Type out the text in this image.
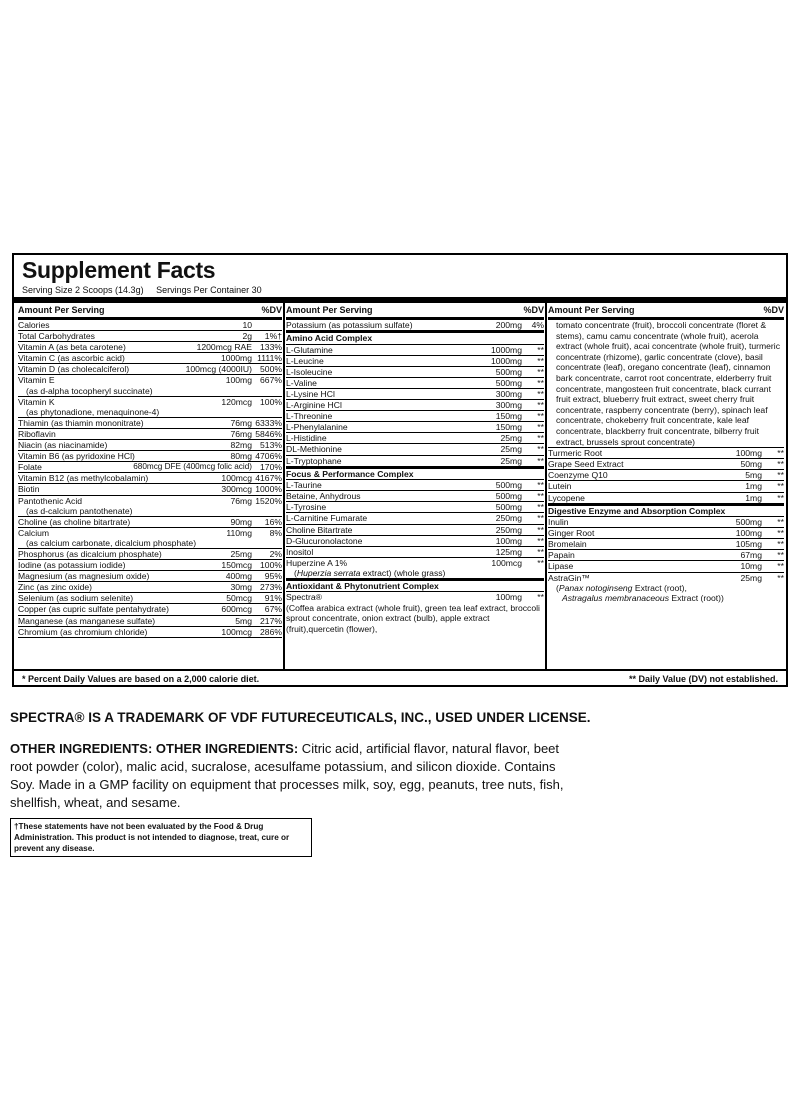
Supplement Facts
Serving Size 2 Scoops (14.3g) Servings Per Container 30
Amount Per Serving	%DV
Calories	10
Total Carbohydrates	2g	1%†
Vitamin A (as beta carotene)	1200mcg RAE 133%
Vitamin C (as ascorbic acid)	1000mg 1111%
Vitamin D (as cholecalciferol)	100mcg (4000IU) 500%
Vitamin E	100mg 667%
(as d-alpha tocopheryl succinate)
Vitamin K	120mcg 100%
(as phytonadione, menaquinone-4)
Thiamin (as thiamin mononitrate)	76mg 6333%
Riboflavin	76mg 5846%
Niacin (as niacinamide)	82mg 513%
Vitamin B6 (as pyridoxine HCl)	80mg 4706%
Folate	680mcg DFE (400mcg folic acid) 170%
Vitamin B12 (as methylcobalamin)	100mcg 4167%
Biotin	300mcg 1000%
Pantothenic Acid	76mg 1520%
(as d-calcium pantothenate)
Choline (as choline bitartrate)	90mg	16%
Calcium	110mg	8%
(as calcium carbonate, dicalcium phosphate)
Phosphorus (as dicalcium phosphate)	25mg	2%
Iodine (as potassium iodide)	150mcg 100%
Magnesium (as magnesium oxide)	400mg	95%
Zinc (as zinc oxide)	30mg 273%
Selenium (as sodium selenite)	50mcg	91%
Copper (as cupric sulfate pentahydrate)	600mcg	67%
Manganese (as manganese sulfate)	5mg 217%
Chromium (as chromium chloride)	100mcg 286%
Amount Per Serving	%DV
Potassium (as potassium sulfate)	200mg	4%
Amino Acid Complex
L-Glutamine	1000mg	**
L-Leucine	1000mg	**
L-Isoleucine	500mg	**
L-Valine	500mg	**
L-Lysine HCl	300mg	**
L-Arginine HCl	300mg	**
L-Threonine	150mg	**
L-Phenylalanine	150mg	**
L-Histidine	25mg	**
DL-Methionine	25mg	**
L-Tryptophane	25mg	**
Focus & Performance Complex
L-Taurine	500mg	**
Betaine, Anhydrous	500mg	**
L-Tyrosine	500mg	**
L-Carnitine Fumarate	250mg	**
Choline Bitartrate	250mg	**
D-Glucuronolactone	100mg	**
Inositol	125mg	**
Huperzine A 1%	100mcg	**
(Huperzia serrata extract) (whole grass)
Antioxidant & Phytonutrient Complex
Spectra®	100mg	**
(Coffea arabica extract (whole fruit), green tea leaf extract, broccoli sprout concentrate, onion extract (bulb), apple extract (fruit),quercetin (flower),
Amount Per Serving	%DV
tomato concentrate (fruit), broccoli concentrate (floret & stems), camu camu concentrate (whole fruit), acerola extract (whole fruit), acai concentrate (whole fruit), turmeric concentrate (rhizome), garlic concentrate (clove), basil concentrate (leaf), oregano concentrate (leaf), cinnamon bark concentrate, carrot root concentrate, elderberry fruit concentrate, mangosteen fruit concentrate, black currant fruit extract, blueberry fruit extract, sweet cherry fruit concentrate, raspberry concentrate (berry), spinach leaf concentrate, chokeberry fruit concentrate, kale leaf concentrate, blackberry fruit concentrate, bilberry fruit extract, brussels sprout concentrate)
Turmeric Root	100mg	**
Grape Seed Extract	50mg	**
Coenzyme Q10	5mg	**
Lutein	1mg	**
Lycopene	1mg	**
Digestive Enzyme and Absorption Complex
Inulin	500mg	**
Ginger Root	100mg	**
Bromelain	105mg	**
Papain	67mg	**
Lipase	10mg	**
AstraGin™	25mg	**
(Panax notoginseng Extract (root),
Astragalus membranaceous Extract (root))
* Percent Daily Values are based on a 2,000 calorie diet.	** Daily Value (DV) not established.
SPECTRA® IS A TRADEMARK OF VDF FUTURECEUTICALS, INC., USED UNDER LICENSE.
OTHER INGREDIENTS: OTHER INGREDIENTS: Citric acid, artificial flavor, natural flavor, beet root powder (color), malic acid, sucralose, acesulfame potassium, and silicon dioxide. Contains Soy. Made in a GMP facility on equipment that processes milk, soy, egg, peanuts, tree nuts, fish, shellfish, wheat, and sesame.
†These statements have not been evaluated by the Food & Drug Administration. This product is not intended to diagnose, treat, cure or prevent any disease.
